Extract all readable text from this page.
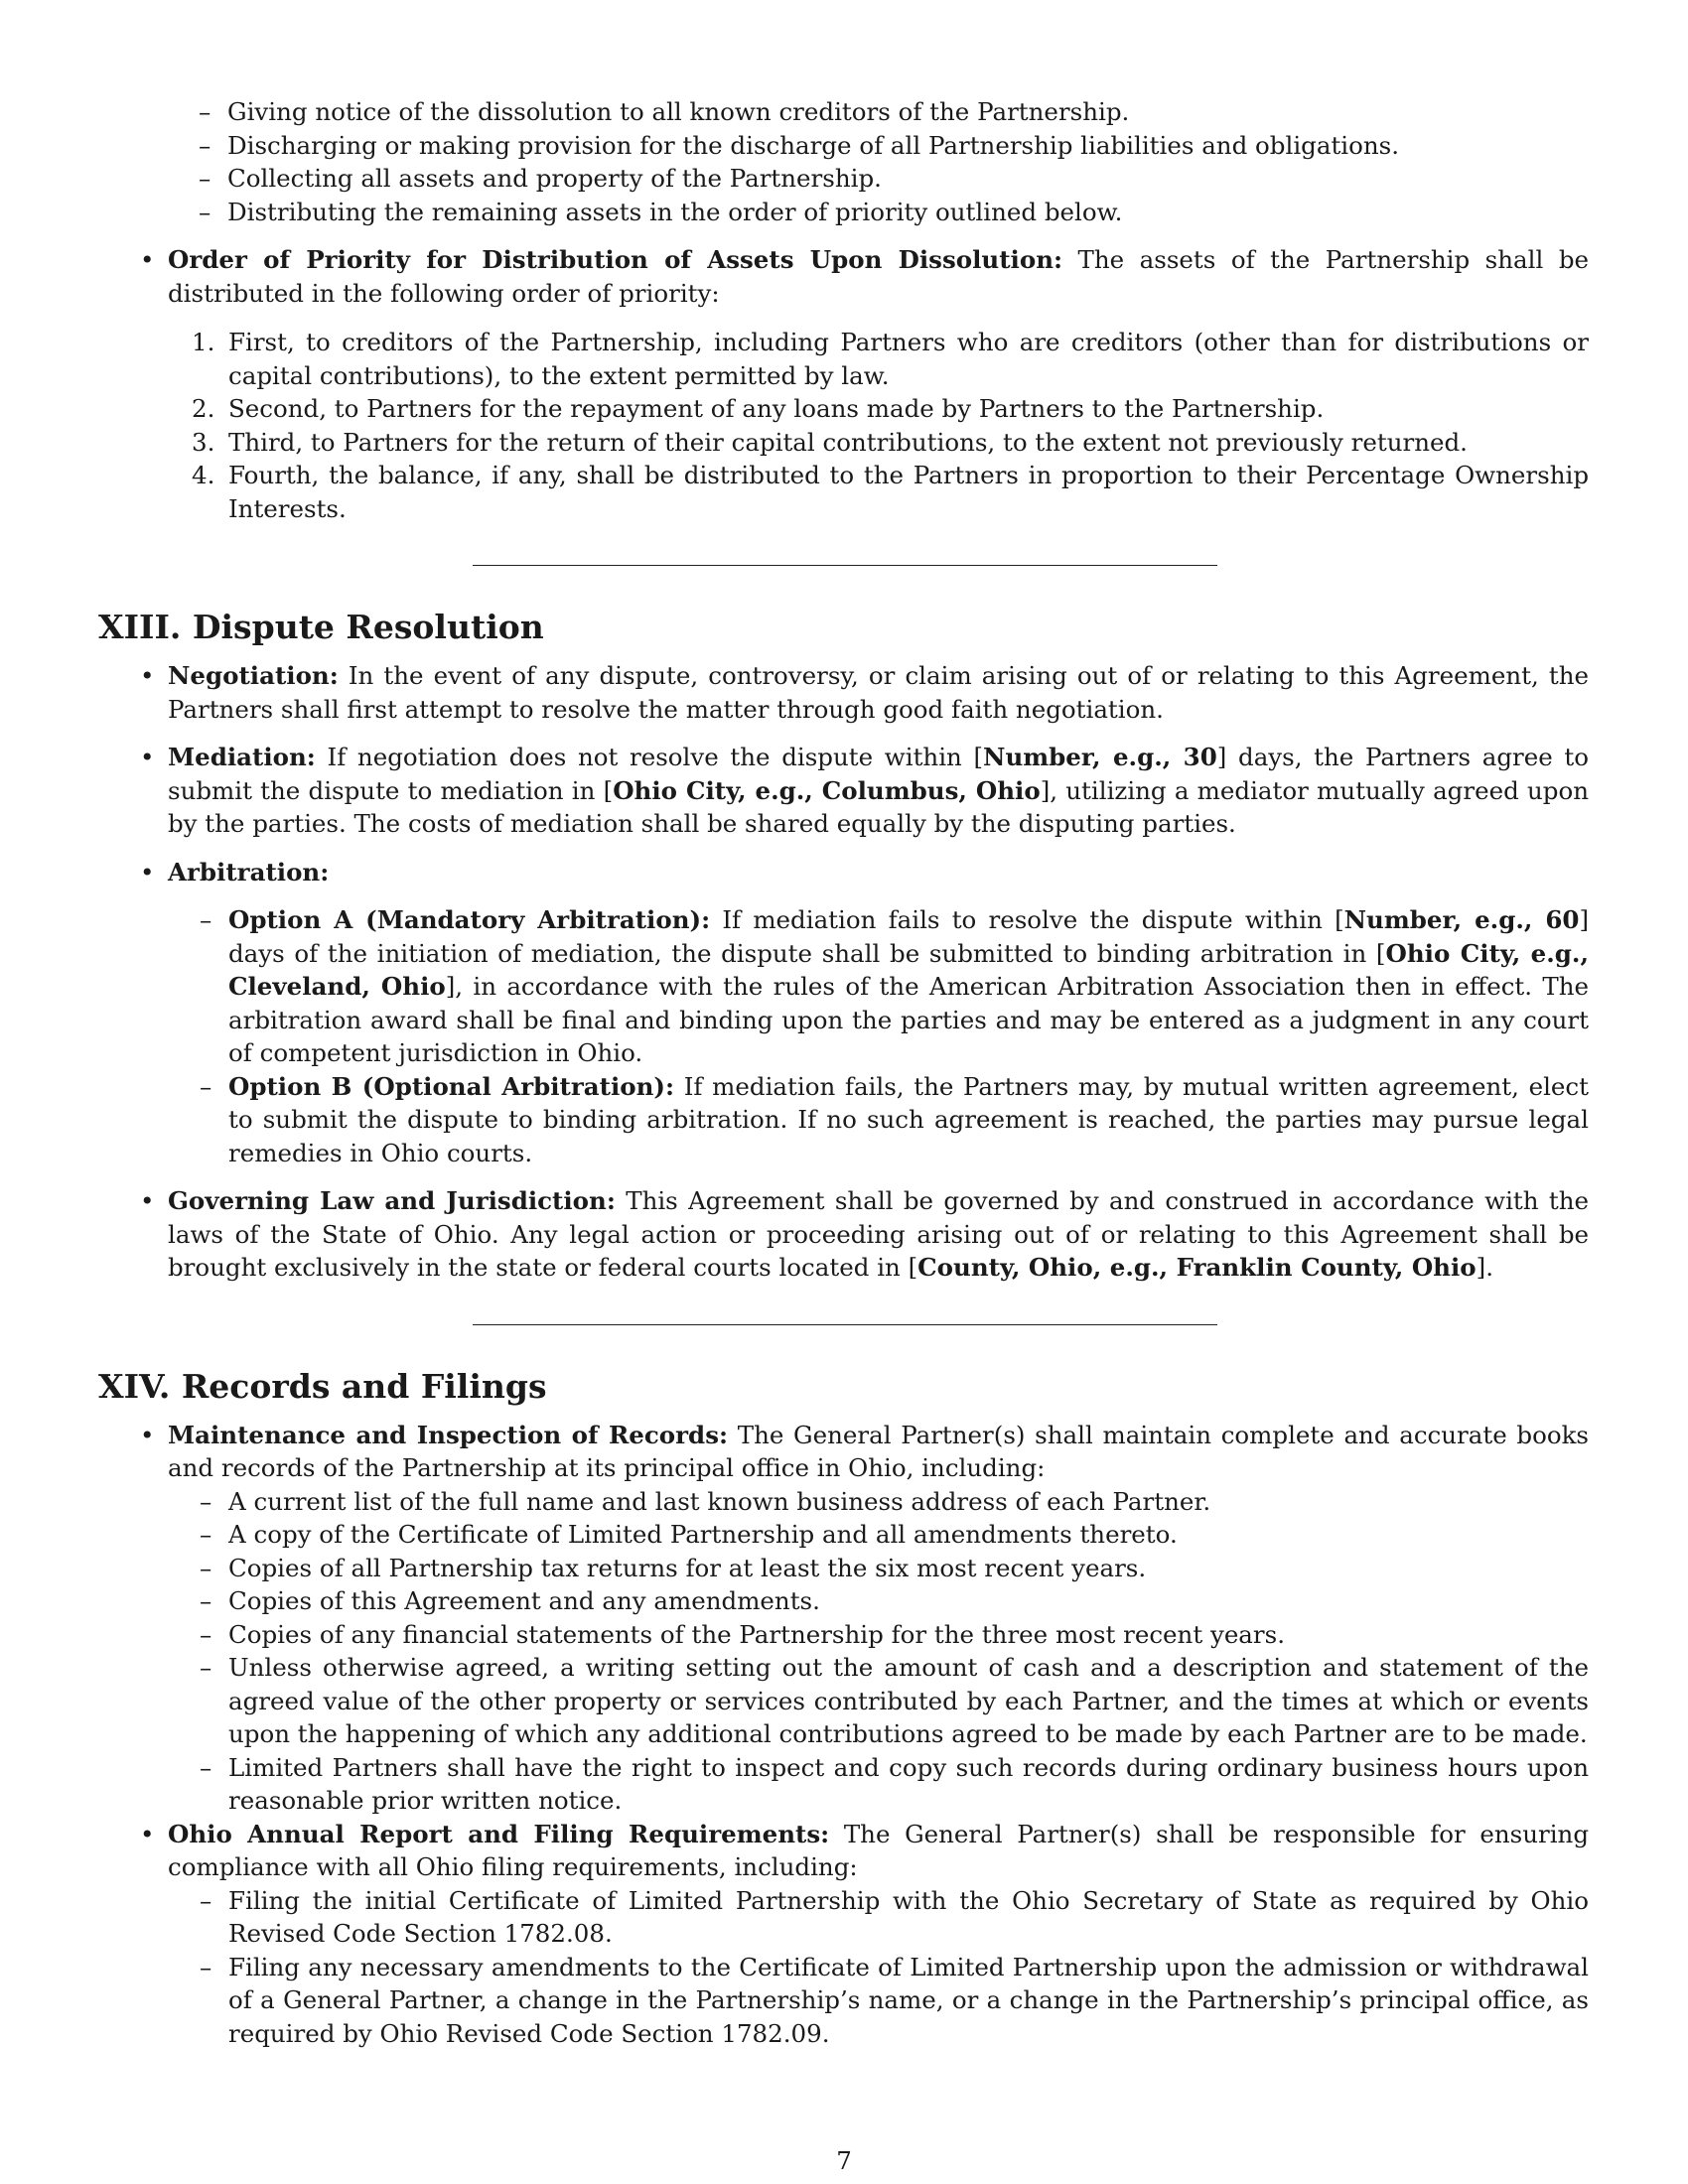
– Giving notice of the dissolution to all known creditors of the Partnership.
– Discharging or making provision for the discharge of all Partnership liabilities and obligations.
– Collecting all assets and property of the Partnership.
– Distributing the remaining assets in the order of priority outlined below.
• Order of Priority for Distribution of Assets Upon Dissolution: The assets of the Partnership shall be distributed in the following order of priority:
1. First, to creditors of the Partnership, including Partners who are creditors (other than for distributions or capital contributions), to the extent permitted by law.
2. Second, to Partners for the repayment of any loans made by Partners to the Partnership.
3. Third, to Partners for the return of their capital contributions, to the extent not previously returned.
4. Fourth, the balance, if any, shall be distributed to the Partners in proportion to their Percentage Ownership Interests.
XIII. Dispute Resolution
• Negotiation: In the event of any dispute, controversy, or claim arising out of or relating to this Agreement, the Partners shall first attempt to resolve the matter through good faith negotiation.
• Mediation: If negotiation does not resolve the dispute within [Number, e.g., 30] days, the Partners agree to submit the dispute to mediation in [Ohio City, e.g., Columbus, Ohio], utilizing a mediator mutually agreed upon by the parties. The costs of mediation shall be shared equally by the disputing parties.
• Arbitration:
– Option A (Mandatory Arbitration): If mediation fails to resolve the dispute within [Number, e.g., 60] days of the initiation of mediation, the dispute shall be submitted to binding arbitration in [Ohio City, e.g., Cleveland, Ohio], in accordance with the rules of the American Arbitration Association then in effect. The arbitration award shall be final and binding upon the parties and may be entered as a judgment in any court of competent jurisdiction in Ohio.
– Option B (Optional Arbitration): If mediation fails, the Partners may, by mutual written agreement, elect to submit the dispute to binding arbitration. If no such agreement is reached, the parties may pursue legal remedies in Ohio courts.
• Governing Law and Jurisdiction: This Agreement shall be governed by and construed in accordance with the laws of the State of Ohio. Any legal action or proceeding arising out of or relating to this Agreement shall be brought exclusively in the state or federal courts located in [County, Ohio, e.g., Franklin County, Ohio].
XIV. Records and Filings
• Maintenance and Inspection of Records: The General Partner(s) shall maintain complete and accurate books and records of the Partnership at its principal office in Ohio, including:
– A current list of the full name and last known business address of each Partner.
– A copy of the Certificate of Limited Partnership and all amendments thereto.
– Copies of all Partnership tax returns for at least the six most recent years.
– Copies of this Agreement and any amendments.
– Copies of any financial statements of the Partnership for the three most recent years.
– Unless otherwise agreed, a writing setting out the amount of cash and a description and statement of the agreed value of the other property or services contributed by each Partner, and the times at which or events upon the happening of which any additional contributions agreed to be made by each Partner are to be made.
– Limited Partners shall have the right to inspect and copy such records during ordinary business hours upon reasonable prior written notice.
• Ohio Annual Report and Filing Requirements: The General Partner(s) shall be responsible for ensuring compliance with all Ohio filing requirements, including:
– Filing the initial Certificate of Limited Partnership with the Ohio Secretary of State as required by Ohio Revised Code Section 1782.08.
– Filing any necessary amendments to the Certificate of Limited Partnership upon the admission or withdrawal of a General Partner, a change in the Partnership’s name, or a change in the Partnership’s principal office, as required by Ohio Revised Code Section 1782.09.
7
